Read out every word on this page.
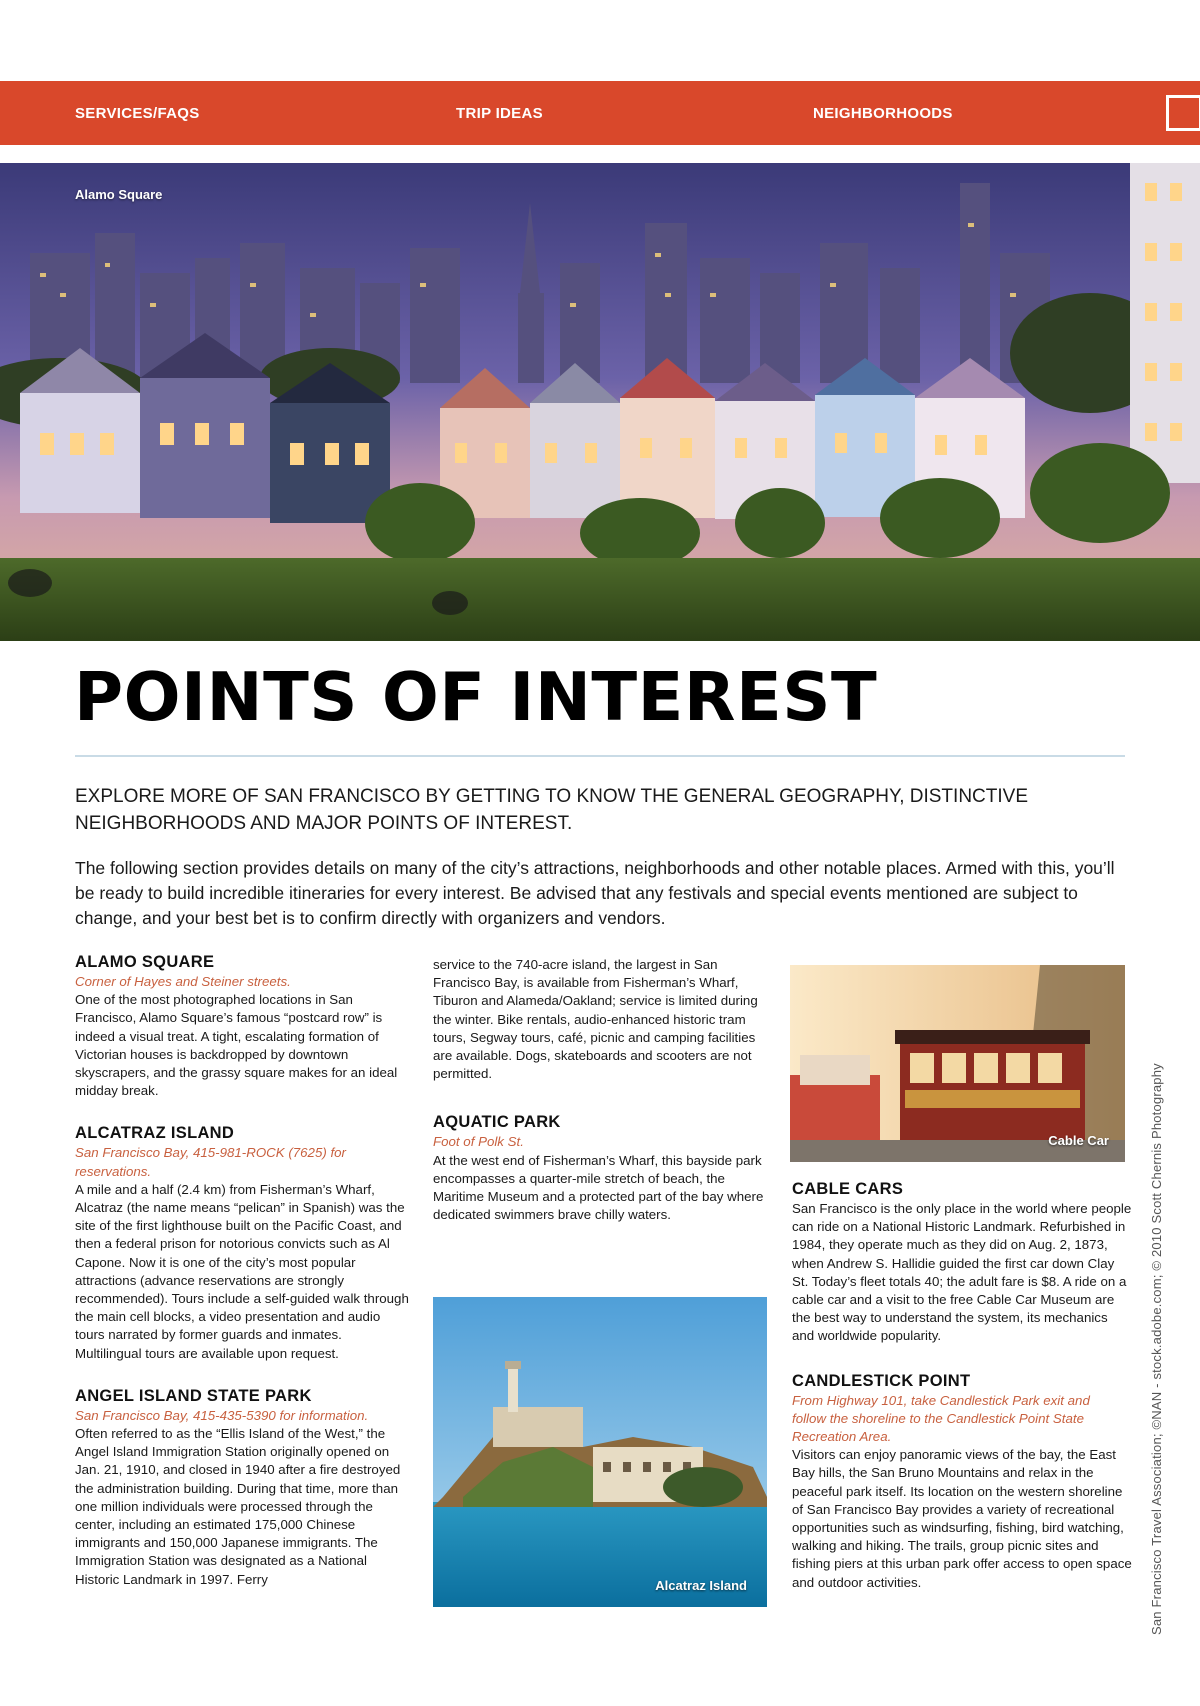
SERVICES/FAQS	TRIP IDEAS	NEIGHBORHOODS
Alamo Square
POINTS OF INTEREST

EXPLORE MORE OF SAN FRANCISCO BY GETTING TO KNOW THE GENERAL GEOGRAPHY, DISTINCTIVE NEIGHBORHOODS AND MAJOR POINTS OF INTEREST.

The following section provides details on many of the city’s attractions, neighborhoods and other notable places. Armed with this, you’ll be ready to build incredible itineraries for every interest. Be advised that any festivals and special events mentioned are subject to change, and your best bet is to confirm directly with organizers and vendors.

ALAMO SQUARE

Corner of Hayes and Steiner streets.

One of the most photographed locations in San Francisco, Alamo Square’s famous “postcard row” is indeed a visual treat. A tight, escalating formation of Victorian houses is backdropped by downtown skyscrapers, and the grassy square makes for an ideal midday break.

ALCATRAZ ISLAND

San Francisco Bay, 415-981-ROCK (7625) for reservations.

A mile and a half (2.4 km) from Fisherman’s Wharf, Alcatraz (the name means “pelican” in Spanish) was the site of the first lighthouse built on the Pacific Coast, and then a federal prison for notorious convicts such as Al Capone. Now it is one of the city’s most popular attractions (advance reservations are strongly recommended). Tours include a self-guided walk through the main cell blocks, a video presentation and audio tours narrated by former guards and inmates. Multilingual tours are available upon request.

ANGEL ISLAND STATE PARK

San Francisco Bay, 415-435-5390 for information.

Often referred to as the “Ellis Island of the West,” the Angel Island Immigration Station originally opened on Jan. 21, 1910, and closed in 1940 after a fire destroyed the administration building. During that time, more than one million individuals were processed through the center, including an estimated 175,000 Chinese immigrants and 150,000 Japanese immigrants. The Immigration Station was designated as a National Historic Landmark in 1997. Ferry

service to the 740-acre island, the largest in San Francisco Bay, is available from Fisherman’s Wharf, Tiburon and Alameda/Oakland; service is limited during the winter. Bike rentals, audio-enhanced historic tram tours, Segway tours, café, picnic and camping facilities are available. Dogs, skateboards and scooters are not permitted.

AQUATIC PARK

Foot of Polk St.

At the west end of Fisherman’s Wharf, this bayside park encompasses a quarter-mile stretch of beach, the Maritime Museum and a protected part of the bay where dedicated swimmers brave chilly waters.

Alcatraz Island
Cable Car
CABLE CARS

San Francisco is the only place in the world where people can ride on a National Historic Landmark. Refurbished in 1984, they operate much as they did on Aug. 2, 1873, when Andrew S. Hallidie guided the first car down Clay St. Today’s fleet totals 40; the adult fare is $8. A ride on a cable car and a visit to the free Cable Car Museum are the best way to understand the system, its mechanics and worldwide popularity.

CANDLESTICK POINT

From Highway 101, take Candlestick Park exit and follow the shoreline to the Candlestick Point State Recreation Area.

Visitors can enjoy panoramic views of the bay, the East Bay hills, the San Bruno Mountains and relax in the peaceful park itself. Its location on the western shoreline of San Francisco Bay provides a variety of recreational opportunities such as windsurfing, fishing, bird watching, walking and hiking. The trails, group picnic sites and fishing piers at this urban park offer access to open space and outdoor activities.	San Francisco Travel Association; ©NAN - stock.adobe.com; © 2010 Scott Chernis Photography
